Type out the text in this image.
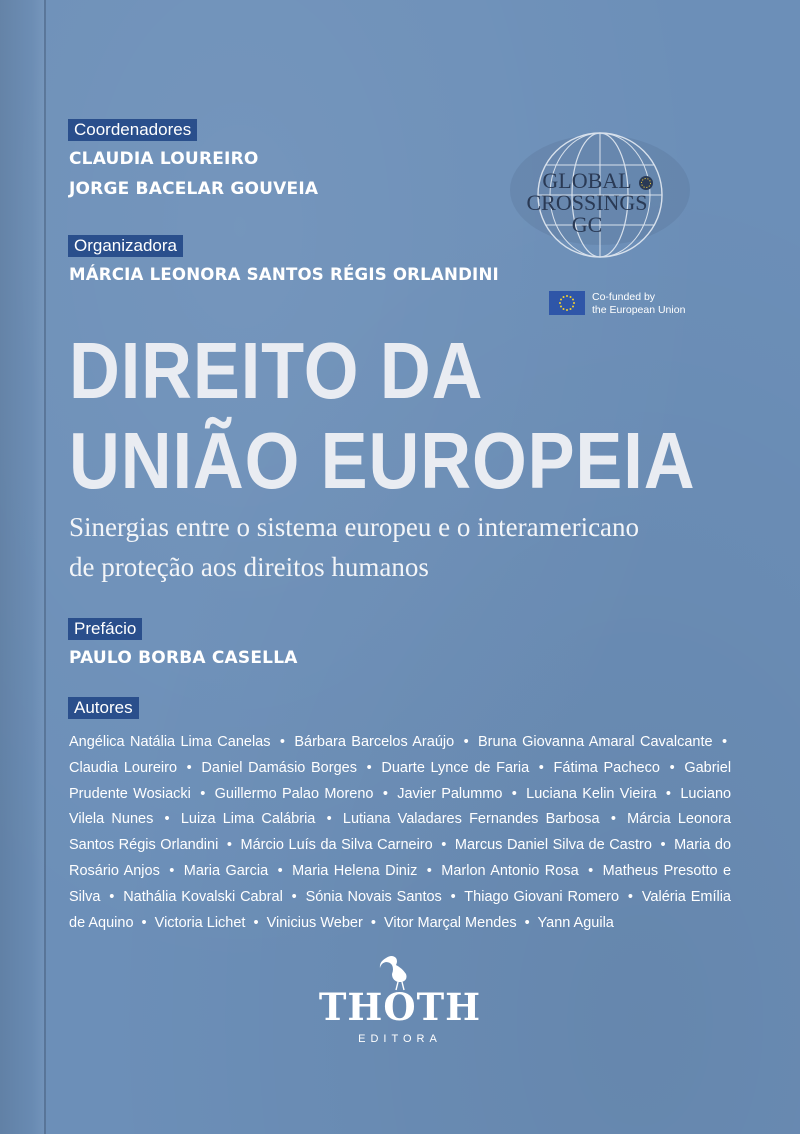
Coordenadores
CLAUDIA LOUREIRO
JORGE BACELAR GOUVEIA
Organizadora
MÁRCIA LEONORA SANTOS RÉGIS ORLANDINI
GLOBAL
CROSSINGS
GC
Co-funded by
the European Union
DIREITO DA
UNIÃO EUROPEIA
Sinergias entre o sistema europeu e o interamericano
de proteção aos direitos humanos
Prefácio
PAULO BORBA CASELLA
Autores
Angélica Natália Lima Canelas • Bárbara Barcelos Araújo • Bruna Giovanna Amaral Cavalcante • Claudia Loureiro • Daniel Damásio Borges • Duarte Lynce de Faria • Fátima Pacheco • Gabriel Prudente Wosiacki • Guillermo Palao Moreno • Javier Palummo • Luciana Kelin Vieira • Luciano Vilela Nunes • Luiza Lima Calábria • Lutiana Valadares Fernandes Barbosa • Márcia Leonora Santos Régis Orlandini • Márcio Luís da Silva Carneiro • Marcus Daniel Silva de Castro • Maria do Rosário Anjos • Maria Garcia • Maria Helena Diniz • Marlon Antonio Rosa • Matheus Presotto e Silva • Nathália Kovalski Cabral • Sónia Novais Santos • Thiago Giovani Romero • Valéria Emília de Aquino • Victoria Lichet • Vinicius Weber • Vitor Marçal Mendes • Yann Aguila
THOTH
EDITORA
